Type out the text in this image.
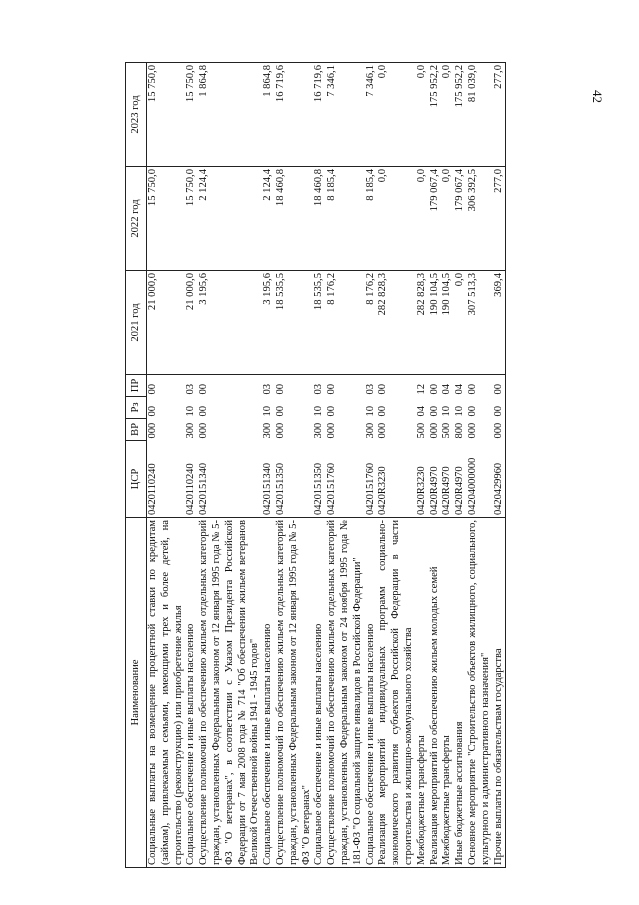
42
Наименование	ЦСР	ВР	Рз	ПР	2021 год	2022 год	2023 год
Социальные выплаты на возмещение процентной ставки по кредитам (займам), привлекаемым семьями, имеющими трех и более детей, на строительство (реконструкцию) или приобретение жилья	0420110240	000	00	00	21 000,0	15 750,0	15 750,0
Социальное обеспечение и иные выплаты населению	0420110240	300	10	03	21 000,0	15 750,0	15 750,0
Осуществление полномочий по обеспечению жильем отдельных категорий граждан, установленных Федеральным законом от 12 января 1995 года № 5-ФЗ "О ветеранах", в соответствии с Указом Президента Российской Федерации от 7 мая 2008 года № 714 "Об обеспечении жильем ветеранов Великой Отечественной войны 1941 - 1945 годов"	0420151340	000	00	00	3 195,6	2 124,4	1 864,8
Социальное обеспечение и иные выплаты населению	0420151340	300	10	03	3 195,6	2 124,4	1 864,8
Осуществление полномочий по обеспечению жильем отдельных категорий граждан, установленных Федеральным законом от 12 января 1995 года № 5-ФЗ "О ветеранах"	0420151350	000	00	00	18 535,5	18 460,8	16 719,6
Социальное обеспечение и иные выплаты населению	0420151350	300	10	03	18 535,5	18 460,8	16 719,6
Осуществление полномочий по обеспечению жильем отдельных категорий граждан, установленных Федеральным законом от 24 ноября 1995 года № 181-ФЗ "О социальной защите инвалидов в Российской Федерации"	0420151760	000	00	00	8 176,2	8 185,4	7 346,1
Социальное обеспечение и иные выплаты населению	0420151760	300	10	03	8 176,2	8 185,4	7 346,1
Реализация мероприятий индивидуальных программ социально-экономического развития субъектов Российской Федерации в части строительства и жилищно-коммунального хозяйства	0420R3230	000	00	00	282 828,3	0,0	0,0
Межбюджетные трансферты	0420R3230	500	04	12	282 828,3	0,0	0,0
Реализация мероприятий по обеспечению жильем молодых семей	0420R4970	000	00	00	190 104,5	179 067,4	175 952,2
Межбюджетные трансферты	0420R4970	500	10	04	190 104,5	0,0	0,0
Иные бюджетные ассигнования	0420R4970	800	10	04	0,0	179 067,4	175 952,2
Основное мероприятие "Строительство объектов жилищного, социального, культурного и административного назначения"	04204000000	000	00	00	307 513,3	306 392,5	81 039,0
Прочие выплаты по обязательствам государства	0420429960	000	00	00	369,4	277,0	277,0
